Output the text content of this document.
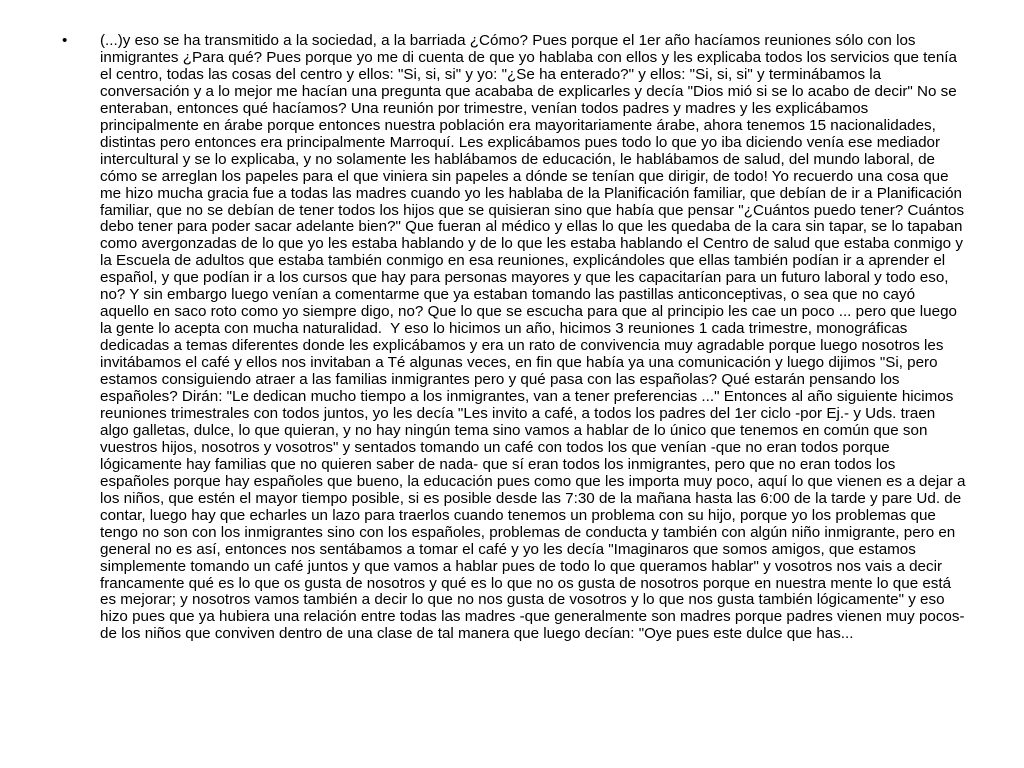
• (...)y eso se ha transmitido a la sociedad, a la barriada ¿Cómo? Pues porque el 1er año hacíamos reuniones sólo con los inmigrantes ¿Para qué? Pues porque yo me di cuenta de que yo hablaba con ellos y les explicaba todos los servicios que tenía el centro, todas las cosas del centro y ellos: "Si, si, si" y yo: "¿Se ha enterado?" y ellos: "Si, si, si" y terminábamos la conversación y a lo mejor me hacían una pregunta que acababa de explicarles y decía "Dios mió si se lo acabo de decir" No se enteraban, entonces qué hacíamos? Una reunión por trimestre, venían todos padres y madres y les explicábamos principalmente en árabe porque entonces nuestra población era mayoritariamente árabe, ahora tenemos 15 nacionalidades, distintas pero entonces era principalmente Marroquí. Les explicábamos pues todo lo que yo iba diciendo venía ese mediador intercultural y se lo explicaba, y no solamente les hablábamos de educación, le hablábamos de salud, del mundo laboral, de cómo se arreglan los papeles para el que viniera sin papeles a dónde se tenían que dirigir, de todo! Yo recuerdo una cosa que me hizo mucha gracia fue a todas las madres cuando yo les hablaba de la Planificación familiar, que debían de ir a Planificación familiar, que no se debían de tener todos los hijos que se quisieran sino que había que pensar "¿Cuántos puedo tener? Cuántos debo tener para poder sacar adelante bien?" Que fueran al médico y ellas lo que les quedaba de la cara sin tapar, se lo tapaban como avergonzadas de lo que yo les estaba hablando y de lo que les estaba hablando el Centro de salud que estaba conmigo y la Escuela de adultos que estaba también conmigo en esa reuniones, explicándoles que ellas también podían ir a aprender el español, y que podían ir a los cursos que hay para personas mayores y que les capacitarían para un futuro laboral y todo eso, no? Y sin embargo luego venían a comentarme que ya estaban tomando las pastillas anticonceptivas, o sea que no cayó aquello en saco roto como yo siempre digo, no? Que lo que se escucha para que al principio les cae un poco ... pero que luego la gente lo acepta con mucha naturalidad.  Y eso lo hicimos un año, hicimos 3 reuniones 1 cada trimestre, monográficas dedicadas a temas diferentes donde les explicábamos y era un rato de convivencia muy agradable porque luego nosotros les invitábamos el café y ellos nos invitaban a Té algunas veces, en fin que había ya una comunicación y luego dijimos "Si, pero estamos consiguiendo atraer a las familias inmigrantes pero y qué pasa con las españolas? Qué estarán pensando los españoles? Dirán: "Le dedican mucho tiempo a los inmigrantes, van a tener preferencias ..." Entonces al año siguiente hicimos reuniones trimestrales con todos juntos, yo les decía "Les invito a café, a todos los padres del 1er ciclo -por Ej.- y Uds. traen algo galletas, dulce, lo que quieran, y no hay ningún tema sino vamos a hablar de lo único que tenemos en común que son vuestros hijos, nosotros y vosotros" y sentados tomando un café con todos los que venían -que no eran todos porque lógicamente hay familias que no quieren saber de nada- que sí eran todos los inmigrantes, pero que no eran todos los españoles porque hay españoles que bueno, la educación pues como que les importa muy poco, aquí lo que vienen es a dejar a los niños, que estén el mayor tiempo posible, si es posible desde las 7:30 de la mañana hasta las 6:00 de la tarde y pare Ud. de contar, luego hay que echarles un lazo para traerlos cuando tenemos un problema con su hijo, porque yo los problemas que tengo no son con los inmigrantes sino con los españoles, problemas de conducta y también con algún niño inmigrante, pero en general no es así, entonces nos sentábamos a tomar el café y yo les decía "Imaginaros que somos amigos, que estamos simplemente tomando un café juntos y que vamos a hablar pues de todo lo que queramos hablar" y vosotros nos vais a decir francamente qué es lo que os gusta de nosotros y qué es lo que no os gusta de nosotros porque en nuestra mente lo que está es mejorar; y nosotros vamos también a decir lo que no nos gusta de vosotros y lo que nos gusta también lógicamente" y eso hizo pues que ya hubiera una relación entre todas las madres -que generalmente son madres porque padres vienen muy pocos- de los niños que conviven dentro de una clase de tal manera que luego decían: "Oye pues este dulce que has...
